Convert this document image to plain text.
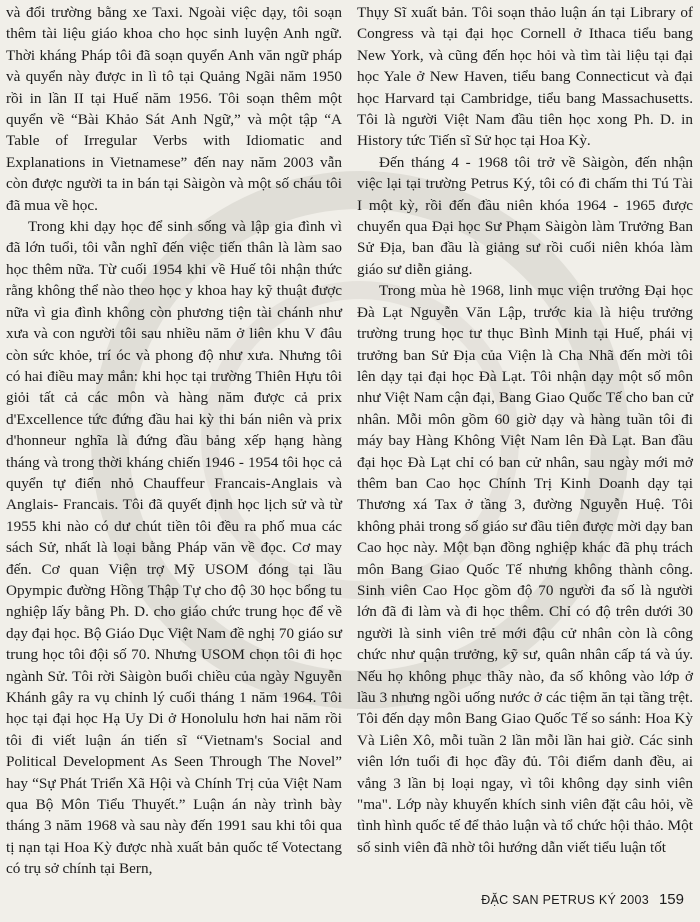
và đổi trường bằng xe Taxi. Ngoài việc dạy, tôi soạn thêm tài liệu giáo khoa cho học sinh luyện Anh ngữ. Thời kháng Pháp tôi đã soạn quyển Anh văn ngữ pháp và quyển này được in lì tô tại Quảng Ngãi năm 1950 rồi in lần II tại Huế năm 1956. Tôi soạn thêm một quyển về “Bài Khảo Sát Anh Ngữ,” và một tập “A Table of Irregular Verbs with Idiomatic and Explanations in Vietnamese” đến nay năm 2003 vẫn còn được người ta in bán tại Sàigòn và một số cháu tôi đã mua về học.

Trong khi dạy học để sinh sống và lập gia đình vì đã lớn tuổi, tôi vẫn nghĩ đến việc tiến thân là làm sao học thêm nữa. Từ cuối 1954 khi về Huế tôi nhận thức rằng không thể nào theo học y khoa hay kỹ thuật được nữa vì gia đình không còn phương tiện tài chánh như xưa và con người tôi sau nhiều năm ở liên khu V đâu còn sức khỏe, trí óc và phong độ như xưa. Nhưng tôi có hai điều may mắn: khi học tại trường Thiên Hựu tôi giỏi tất cả các môn và hàng năm được cả prix d'Excellence tức đứng đầu hai kỳ thi bán niên và prix d'honneur nghĩa là đứng đầu bảng xếp hạng hàng tháng và trong thời kháng chiến 1946 - 1954 tôi học cả quyển tự điển nhỏ Chauffeur Francais-Anglais và Anglais- Francais. Tôi đã quyết định học lịch sử và từ 1955 khi nào có dư chút tiền tôi đều ra phố mua các sách Sử, nhất là loại bằng Pháp văn về đọc. Cơ may đến. Cơ quan Viện trợ Mỹ USOM đóng tại lầu Opympic đường Hồng Thập Tự cho độ 30 học bổng tu nghiệp lấy bằng Ph. D. cho giáo chức trung học để về dạy đại học. Bộ Giáo Dục Việt Nam đề nghị 70 giáo sư trung học tôi đội số 70. Nhưng USOM chọn tôi đi học ngành Sử. Tôi rời Sàigòn buổi chiều của ngày Nguyễn Khánh gây ra vụ chỉnh lý cuối tháng 1 năm 1964. Tôi học tại đại học Hạ Uy Di ở Honolulu hơn hai năm rồi tôi đi viết luận án tiến sĩ “Vietnam's Social and Political Development As Seen Through The Novel” hay “Sự Phát Triển Xã Hội và Chính Trị của Việt Nam qua Bộ Môn Tiểu Thuyết.” Luận án này trình bày tháng 3 năm 1968 và sau này đến 1991 sau khi tôi qua tị nạn tại Hoa Kỳ được nhà xuất bản quốc tế Votectang có trụ sở chính tại Bern,

Thụy Sĩ xuất bản. Tôi soạn thảo luận án tại Library of Congress và tại đại học Cornell ở Ithaca tiểu bang New York, và cũng đến học hỏi và tìm tài liệu tại đại học Yale ở New Haven, tiểu bang Connecticut và đại học Harvard tại Cambridge, tiểu bang Massachusetts. Tôi là người Việt Nam đầu tiên học xong Ph. D. in History tức Tiến sĩ Sử học tại Hoa Kỳ.

Đến tháng 4 - 1968 tôi trở về Sàigòn, đến nhận việc lại tại trường Petrus Ký, tôi có đi chấm thi Tú Tài I một kỳ, rồi đến đầu niên khóa 1964 - 1965 được chuyển qua Đại học Sư Phạm Sàigòn làm Trưởng Ban Sử Địa, ban đầu là giảng sư rồi cuối niên khóa làm giáo sư diễn giảng.

Trong mùa hè 1968, linh mục viện trưởng Đại học Đà Lạt Nguyễn Văn Lập, trước kia là hiệu trưởng trường trung học tư thục Bình Minh tại Huế, phái vị trưởng ban Sử Địa của Viện là Cha Nhã đến mời tôi lên dạy tại đại học Đà Lạt. Tôi nhận dạy một số môn như Việt Nam cận đại, Bang Giao Quốc Tế cho ban cử nhân. Mỗi môn gồm 60 giờ dạy và hàng tuần tôi đi máy bay Hàng Không Việt Nam lên Đà Lạt. Ban đầu đại học Đà Lạt chỉ có ban cử nhân, sau ngày mới mở thêm ban Cao học Chính Trị Kinh Doanh dạy tại Thương xá Tax ở tầng 3, đường Nguyễn Huệ. Tôi không phải trong số giáo sư đầu tiên được mời dạy ban Cao học này. Một bạn đồng nghiệp khác đã phụ trách môn Bang Giao Quốc Tế nhưng không thành công. Sinh viên Cao Học gồm độ 70 người đa số là người lớn đã đi làm và đi học thêm. Chỉ có độ trên dưới 30 người là sinh viên trẻ mới đậu cử nhân còn là công chức như quận trưởng, kỹ sư, quân nhân cấp tá và úy. Nếu họ không phục thầy nào, đa số không vào lớp ở lầu 3 nhưng ngồi uống nước ở các tiệm ăn tại tầng trệt. Tôi đến dạy môn Bang Giao Quốc Tế so sánh: Hoa Kỳ Và Liên Xô, mỗi tuần 2 lần mỗi lần hai giờ. Các sinh viên lớn tuổi đi học đầy đủ. Tôi điểm danh đều, ai vắng 3 lần bị loại ngay, vì tôi không dạy sinh viên "ma". Lớp này khuyến khích sinh viên đặt câu hỏi, về tình hình quốc tế để thảo luận và tổ chức hội thảo. Một số sinh viên đã nhờ tôi hướng dẫn viết tiểu luận tốt

ĐẶC SAN PETRUS KÝ 2003 159
